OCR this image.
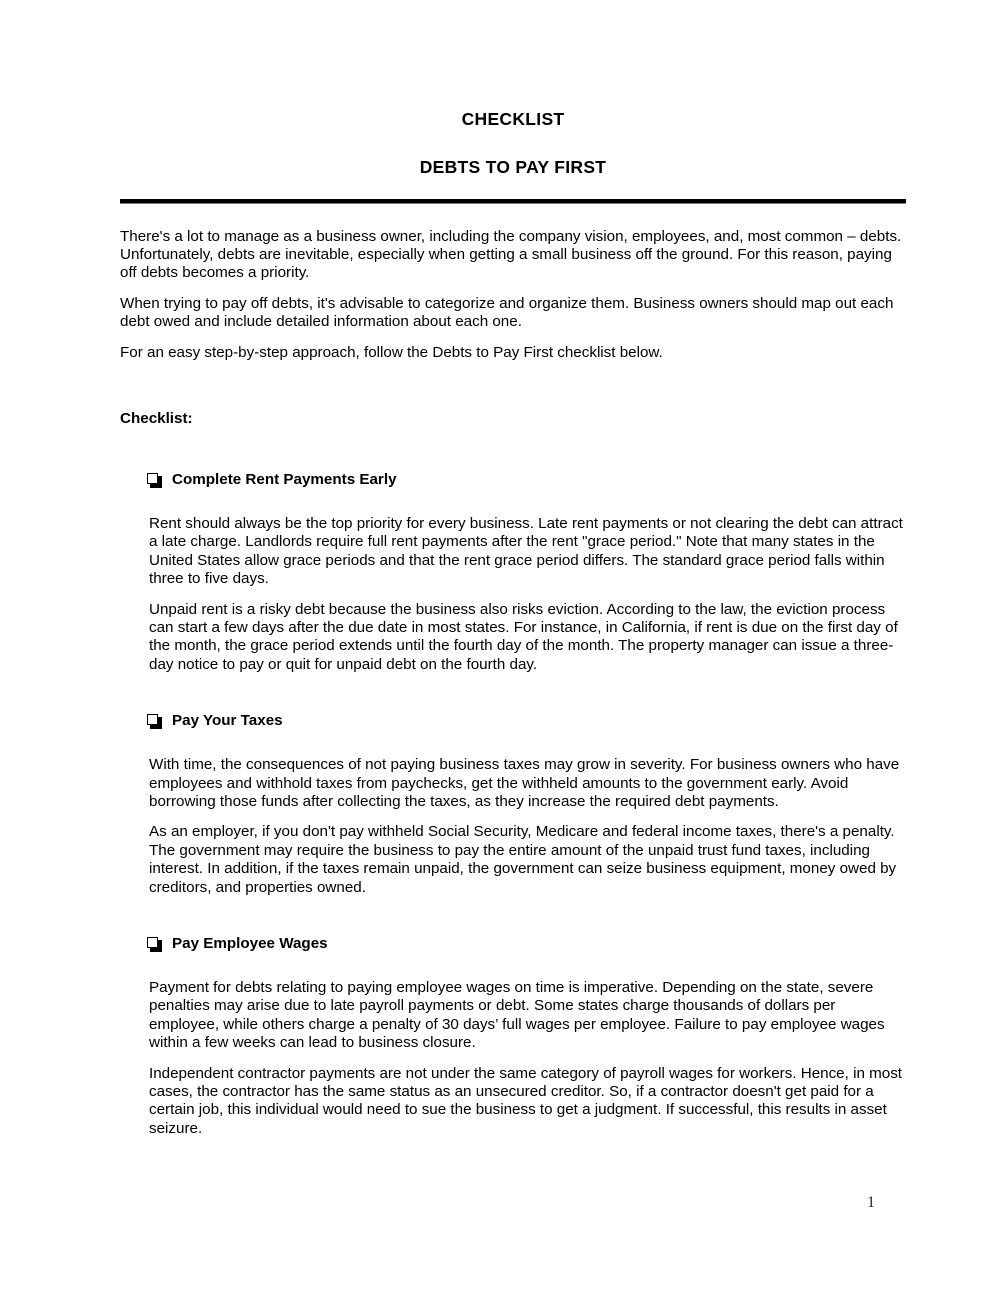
CHECKLIST
DEBTS TO PAY FIRST

There's a lot to manage as a business owner, including the company vision, employees, and, most common – debts. Unfortunately, debts are inevitable, especially when getting a small business off the ground. For this reason, paying off debts becomes a priority.

When trying to pay off debts, it's advisable to categorize and organize them. Business owners should map out each debt owed and include detailed information about each one.

For an easy step-by-step approach, follow the Debts to Pay First checklist below.

Checklist:
Complete Rent Payments Early

Rent should always be the top priority for every business. Late rent payments or not clearing the debt can attract a late charge. Landlords require full rent payments after the rent "grace period." Note that many states in the United States allow grace periods and that the rent grace period differs. The standard grace period falls within three to five days.

Unpaid rent is a risky debt because the business also risks eviction. According to the law, the eviction process can start a few days after the due date in most states. For instance, in California, if rent is due on the first day of the month, the grace period extends until the fourth day of the month. The property manager can issue a three-day notice to pay or quit for unpaid debt on the fourth day.

Pay Your Taxes

With time, the consequences of not paying business taxes may grow in severity. For business owners who have employees and withhold taxes from paychecks, get the withheld amounts to the government early. Avoid borrowing those funds after collecting the taxes, as they increase the required debt payments.

As an employer, if you don't pay withheld Social Security, Medicare and federal income taxes, there's a penalty. The government may require the business to pay the entire amount of the unpaid trust fund taxes, including interest. In addition, if the taxes remain unpaid, the government can seize business equipment, money owed by creditors, and properties owned.

Pay Employee Wages

Payment for debts relating to paying employee wages on time is imperative. Depending on the state, severe penalties may arise due to late payroll payments or debt. Some states charge thousands of dollars per employee, while others charge a penalty of 30 days’ full wages per employee. Failure to pay employee wages within a few weeks can lead to business closure.

Independent contractor payments are not under the same category of payroll wages for workers. Hence, in most cases, the contractor has the same status as an unsecured creditor. So, if a contractor doesn't get paid for a certain job, this individual would need to sue the business to get a judgment. If successful, this results in asset seizure.

1
